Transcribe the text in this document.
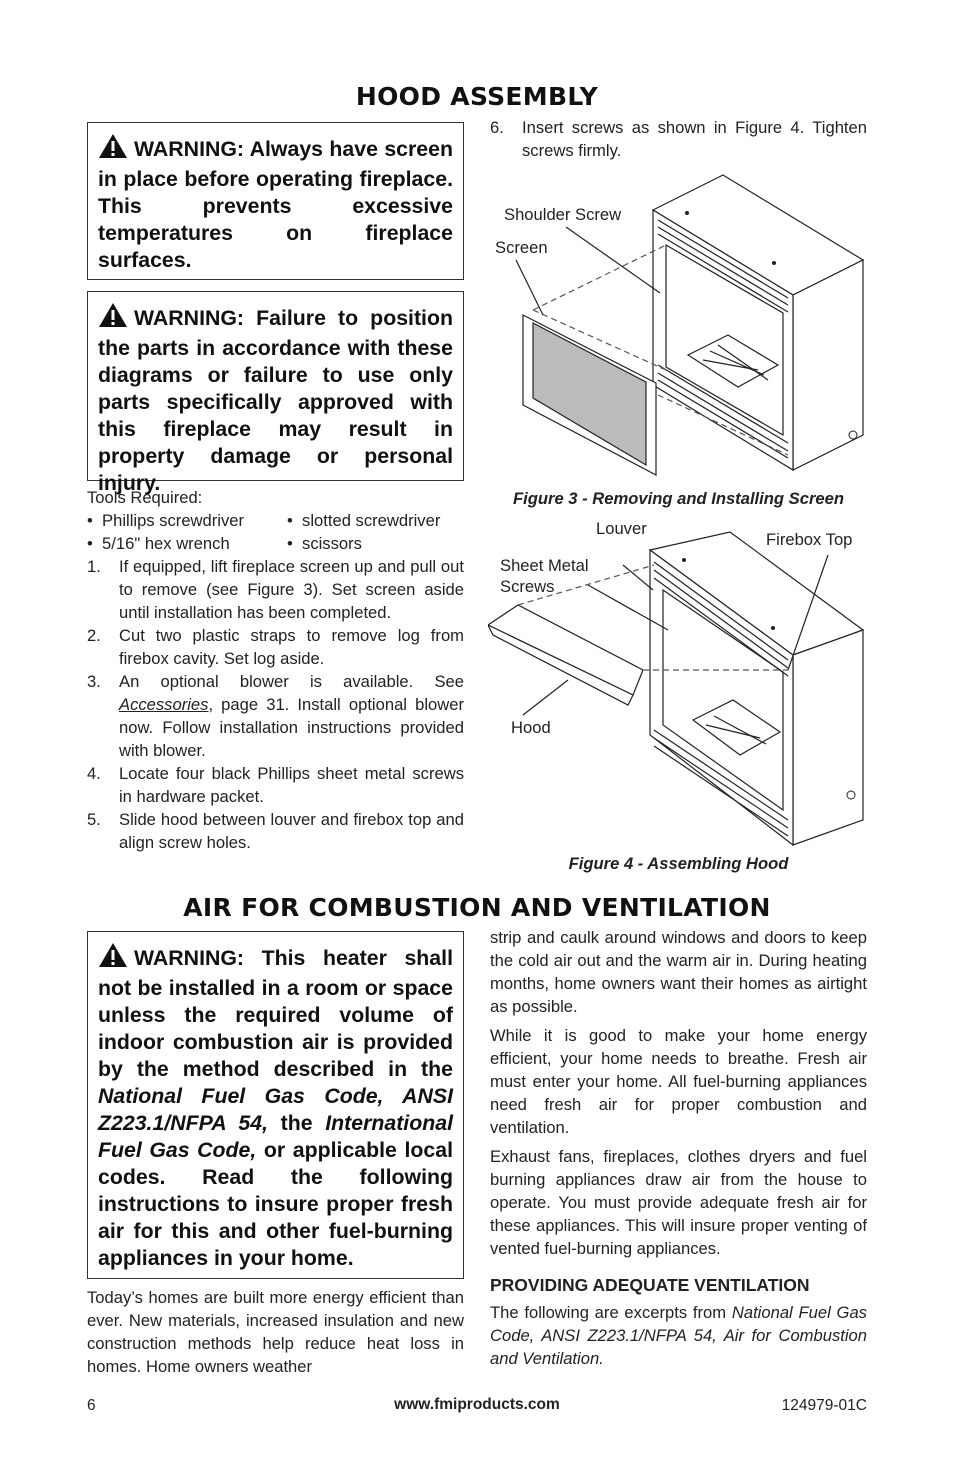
HOOD ASSEMBLY
WARNING: Always have screen in place before operating fireplace. This prevents excessive temperatures on fireplace surfaces.
WARNING: Failure to position the parts in accordance with these diagrams or failure to use only parts specifically approved with this fireplace may result in property damage or personal injury.
Tools Required:
•  Phillips screwdriver	•  slotted screwdriver
•  5/16" hex wrench	•  scissors
1. If equipped, lift fireplace screen up and pull out to remove (see Figure 3). Set screen aside until installation has been completed.
2. Cut two plastic straps to remove log from firebox cavity. Set log aside.
3. An optional blower is available. See Accessories, page 31. Install optional blower now. Follow installation instructions provided with blower.
4. Locate four black Phillips sheet metal screws in hardware packet.
5. Slide hood between louver and firebox top and align screw holes.
6. Insert screws as shown in Figure 4. Tighten screws firmly.
Shoulder Screw
Screen
Figure 3 - Removing and Installing Screen
Louver
Firebox Top
Sheet Metal
Screws
Hood
Figure 4 - Assembling Hood
AIR FOR COMBUSTION AND VENTILATION
WARNING: This heater shall not be installed in a room or space unless the required volume of indoor combustion air is provided by the method described in the National Fuel Gas Code, ANSI Z223.1/NFPA 54, the International Fuel Gas Code, or applicable local codes. Read the following instructions to insure proper fresh air for this and other fuel-burning appliances in your home.
Today’s homes are built more energy efficient than ever. New materials, increased insulation and new construction methods help reduce heat loss in homes. Home owners weather
strip and caulk around windows and doors to keep the cold air out and the warm air in. During heating months, home owners want their homes as airtight as possible.
While it is good to make your home energy efficient, your home needs to breathe. Fresh air must enter your home. All fuel-burning appliances need fresh air for proper combustion and ventilation.
Exhaust fans, fireplaces, clothes dryers and fuel burning appliances draw air from the house to operate. You must provide adequate fresh air for these appliances. This will insure proper venting of vented fuel-burning appliances.
PROVIDING ADEQUATE VENTILATION
The following are excerpts from National Fuel Gas Code, ANSI Z223.1/NFPA 54, Air for Combustion and Ventilation.
6	www.fmiproducts.com	124979-01C
